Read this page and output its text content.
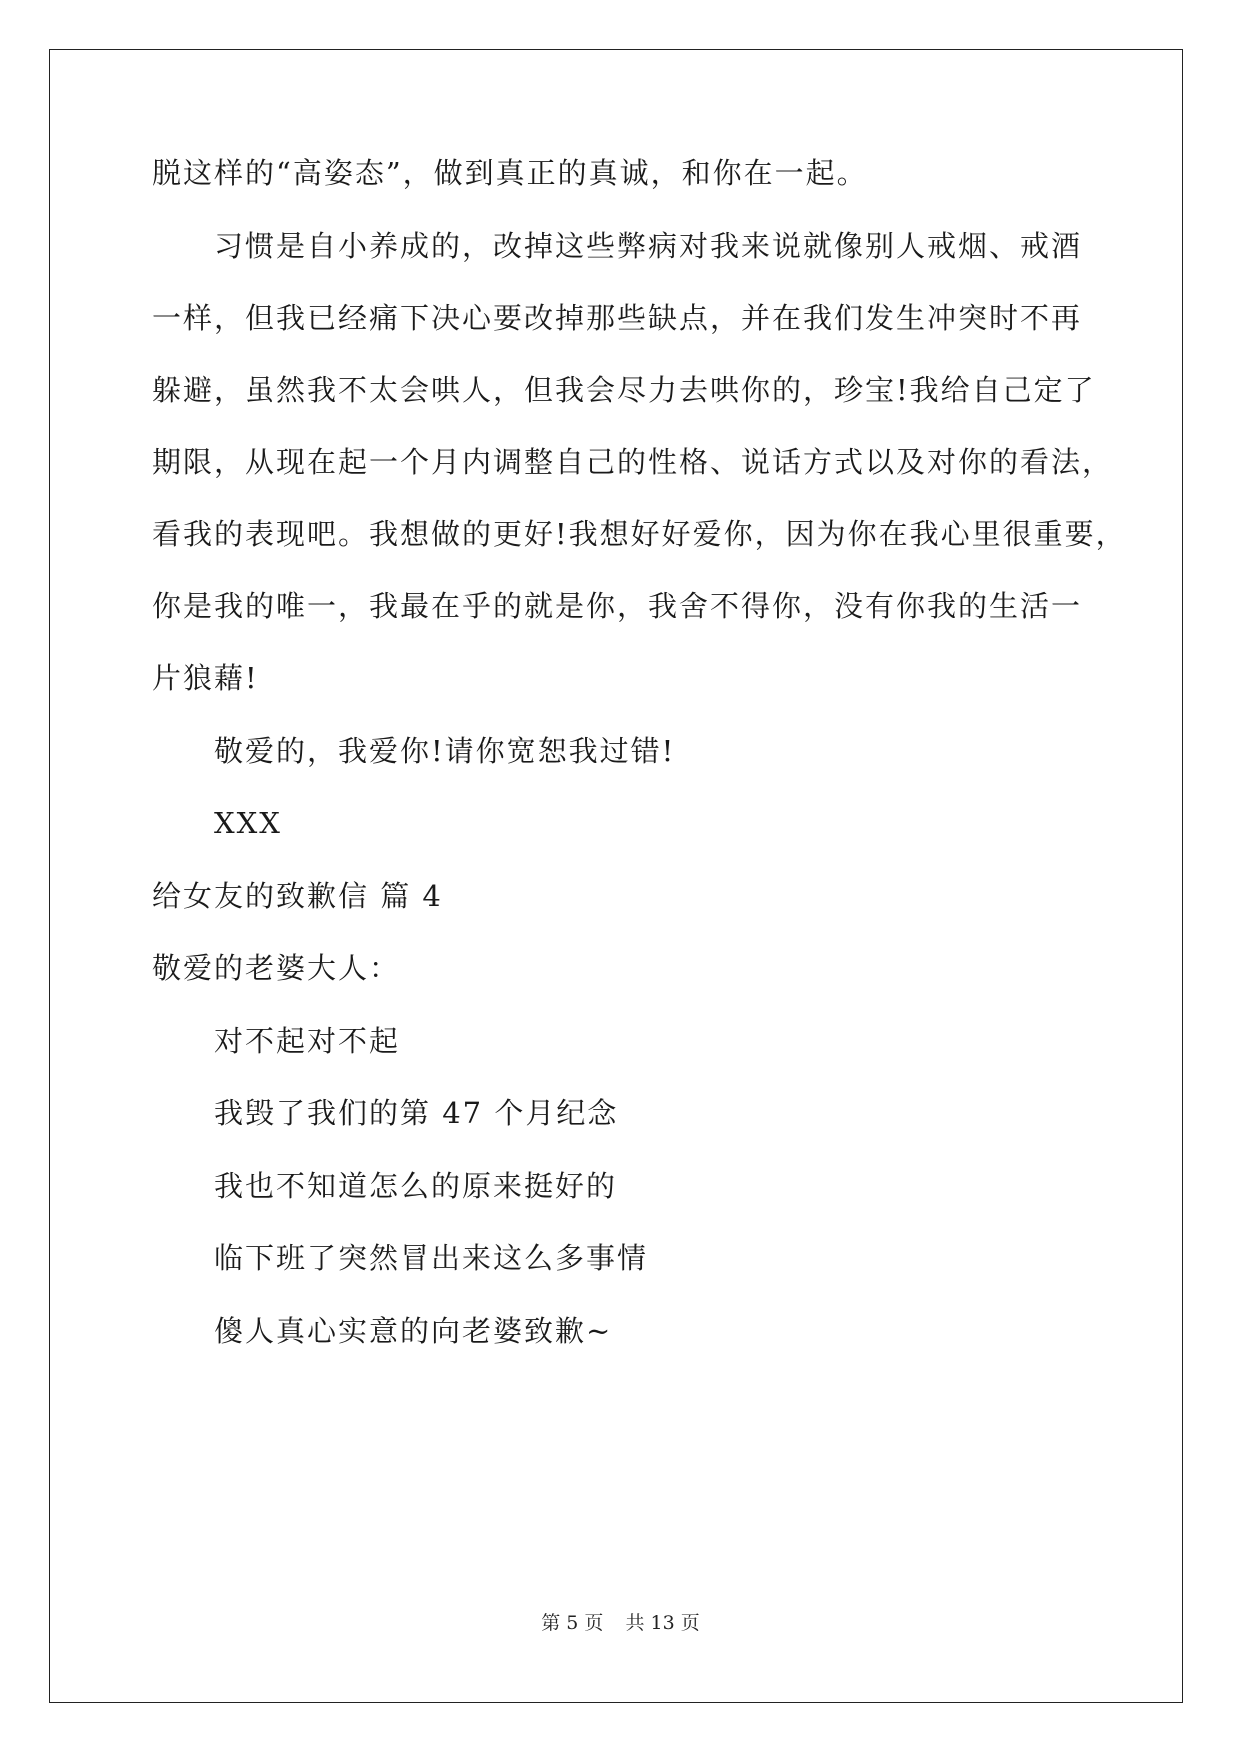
脱这样的“高姿态”，做到真正的真诚，和你在一起。
习惯是自小养成的，改掉这些弊病对我来说就像别人戒烟、戒酒
一样，但我已经痛下决心要改掉那些缺点，并在我们发生冲突时不再
躲避，虽然我不太会哄人，但我会尽力去哄你的，珍宝!我给自己定了
期限，从现在起一个月内调整自己的性格、说话方式以及对你的看法，
看我的表现吧。我想做的更好!我想好好爱你，因为你在我心里很重要，
你是我的唯一，我最在乎的就是你，我舍不得你，没有你我的生活一
片狼藉!
敬爱的，我爱你!请你宽恕我过错!
XXX
给女友的致歉信 篇 4
敬爱的老婆大人：
对不起对不起
我毁了我们的第 47 个月纪念
我也不知道怎么的原来挺好的
临下班了突然冒出来这么多事情
傻人真心实意的向老婆致歉~
第 5 页 共 13 页
